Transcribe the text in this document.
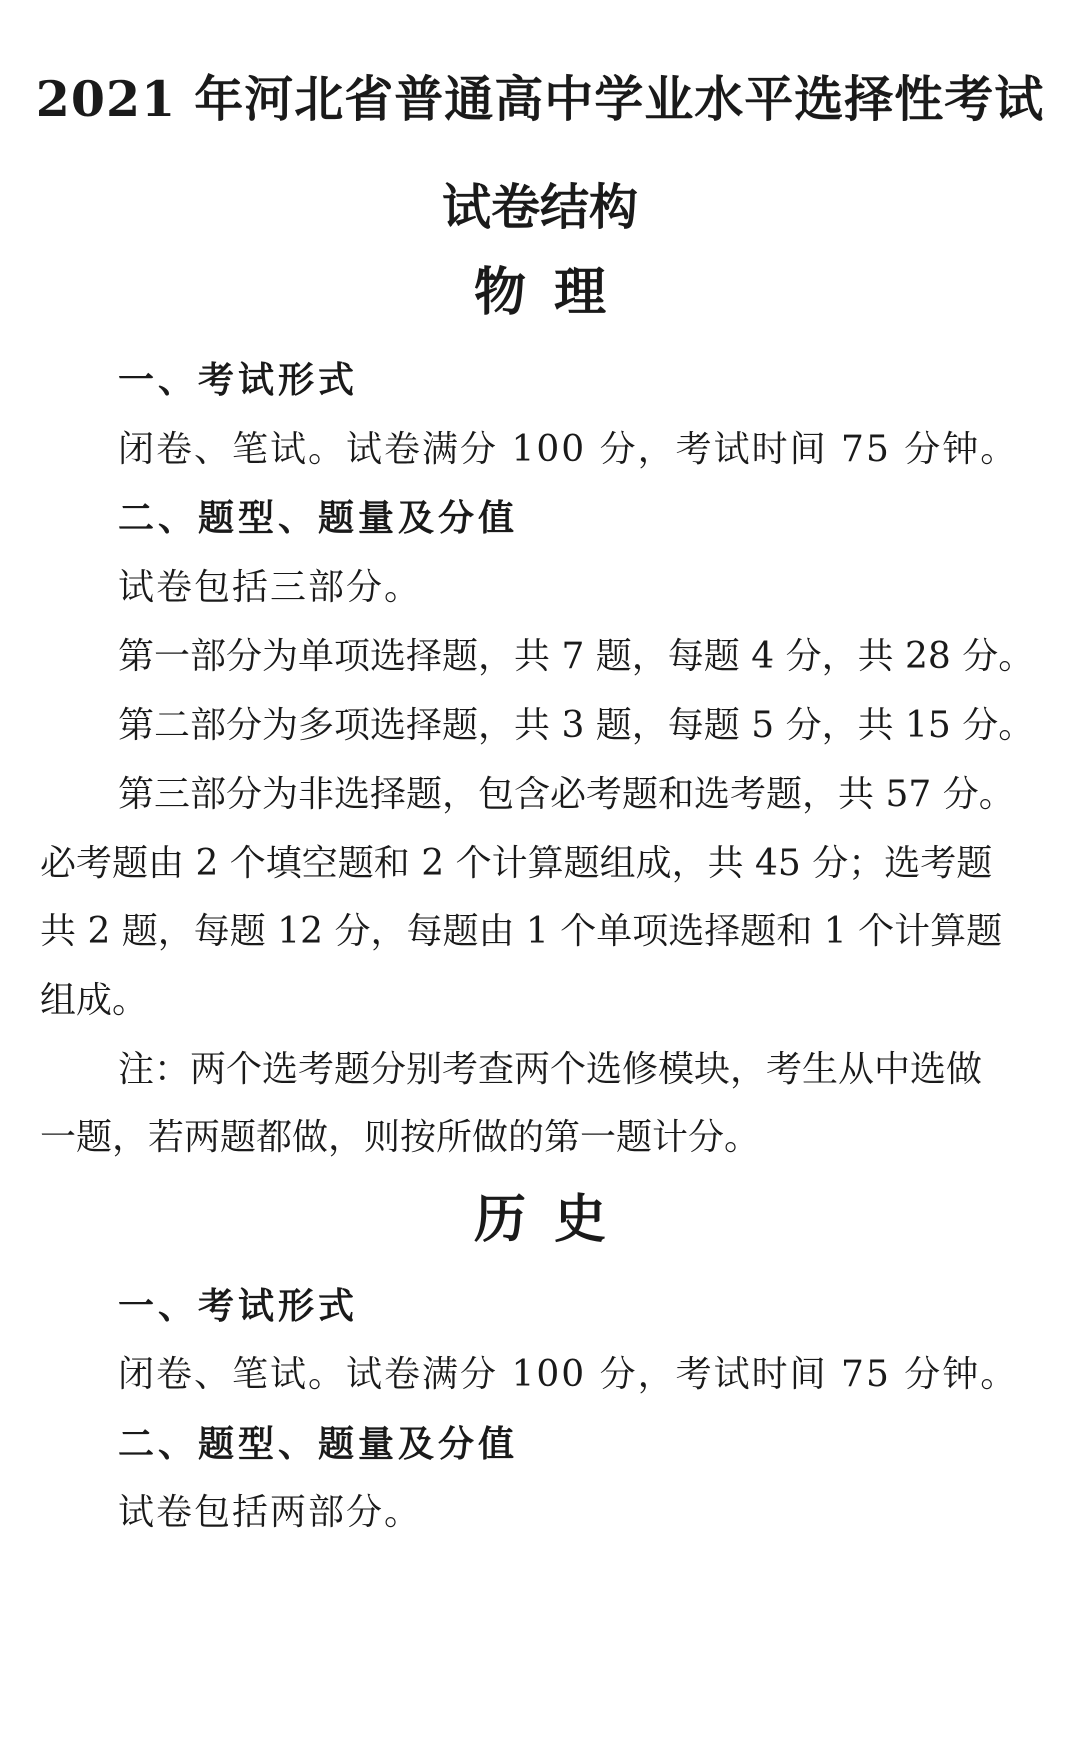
2021 年河北省普通高中学业水平选择性考试
试卷结构
物理
一、考试形式
闭卷、笔试。试卷满分 100 分，考试时间 75 分钟。
二、题型、题量及分值
试卷包括三部分。
第一部分为单项选择题，共 7 题，每题 4 分，共 28 分。
第二部分为多项选择题，共 3 题，每题 5 分，共 15 分。
第三部分为非选择题，包含必考题和选考题，共 57 分。
必考题由 2 个填空题和 2 个计算题组成，共 45 分；选考题
共 2 题，每题 12 分，每题由 1 个单项选择题和 1 个计算题
组成。
注：两个选考题分别考查两个选修模块，考生从中选做
一题，若两题都做，则按所做的第一题计分。
历史
一、考试形式
闭卷、笔试。试卷满分 100 分，考试时间 75 分钟。
二、题型、题量及分值
试卷包括两部分。
